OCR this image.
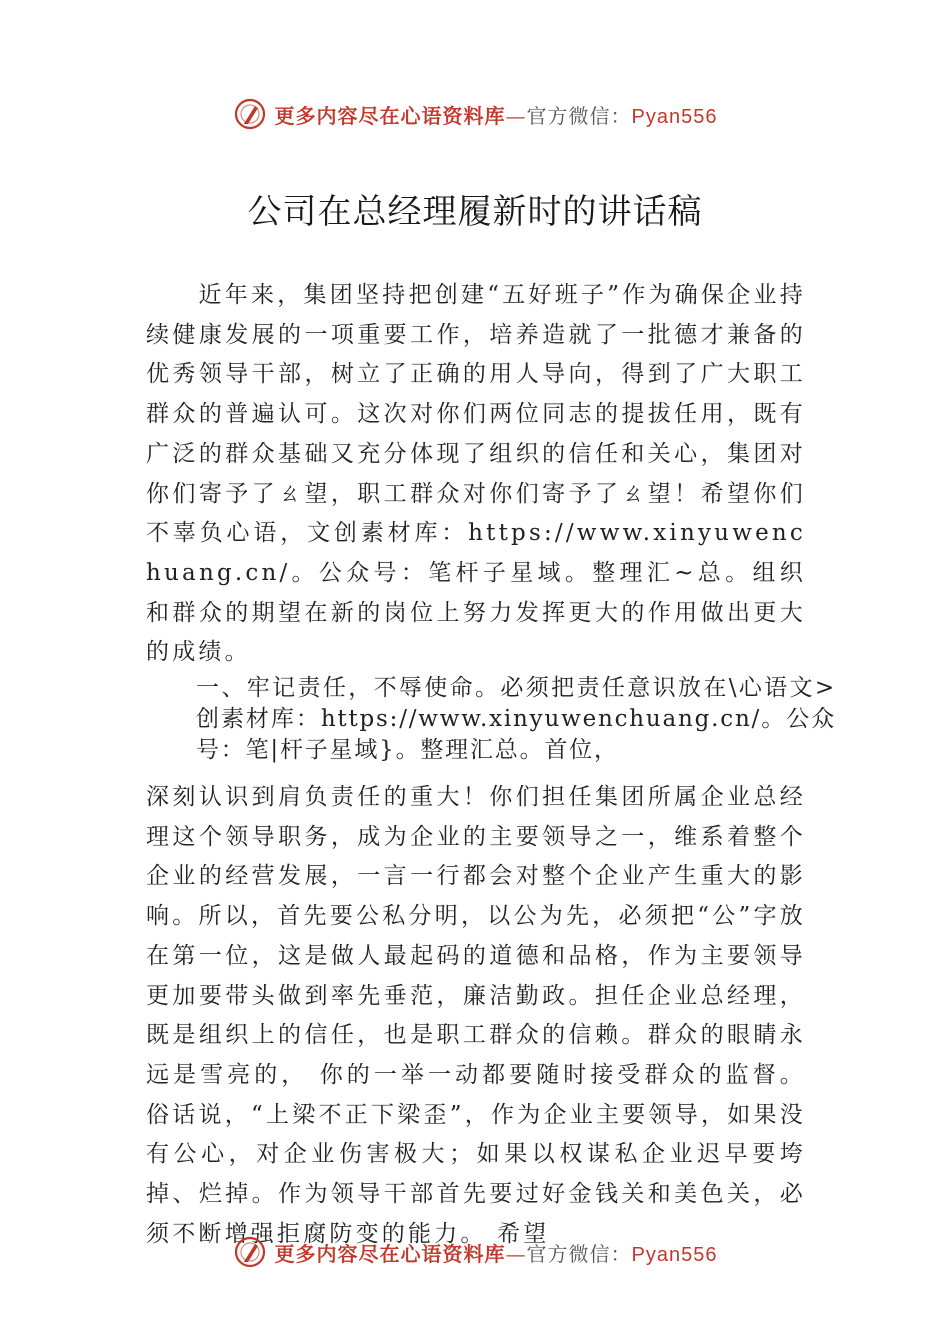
更多内容尽在心语资料库—官方微信：Pyan556
公司在总经理履新时的讲话稿

　　近年来，集团坚持把创建“五好班子”作为确保企业持续健康发展的一项重要工作，培养造就了一批德才兼备的优秀领导干部，树立了正确的用人导向，得到了广大职工群众的普遍认可。这次对你们两位同志的提拔任用，既有广泛的群众基础又充分体现了组织的信任和关心，集团对你们寄予了ㄠ望，职工群众对你们寄予了ㄠ望！希望你们不辜负心语，文创素材库：https://www.xinyuwenchuang.cn/。公众号：笔杆子星域。整理汇~总。组织和群众的期望在新的岗位上努力发挥更大的作用做出更大的成绩。

一、牢记责任，不辱使命。必须把责任意识放在\心语文>创素材库：https://www.xinyuwenchuang.cn/。公众号：笔|杆子星域}。整理汇总。首位，

深刻认识到肩负责任的重大！你们担任集团所属企业总经理这个领导职务，成为企业的主要领导之一，维系着整个企业的经营发展，一言一行都会对整个企业产生重大的影响。所以，首先要公私分明，以公为先，必须把“公”字放在第一位，这是做人最起码的道德和品格，作为主要领导更加要带头做到率先垂范，廉洁勤政。担任企业总经理，既是组织上的信任，也是职工群众的信赖。群众的眼睛永远是雪亮的， 你的一举一动都要随时接受群众的监督。俗话说，“上梁不正下梁歪”，作为企业主要领导，如果没有公心，对企业伤害极大；如果以权谋私企业迟早要垮掉、烂掉。作为领导干部首先要过好金钱关和美色关，必须不断增强拒腐防变的能力。 希望

更多内容尽在心语资料库—官方微信：Pyan556
